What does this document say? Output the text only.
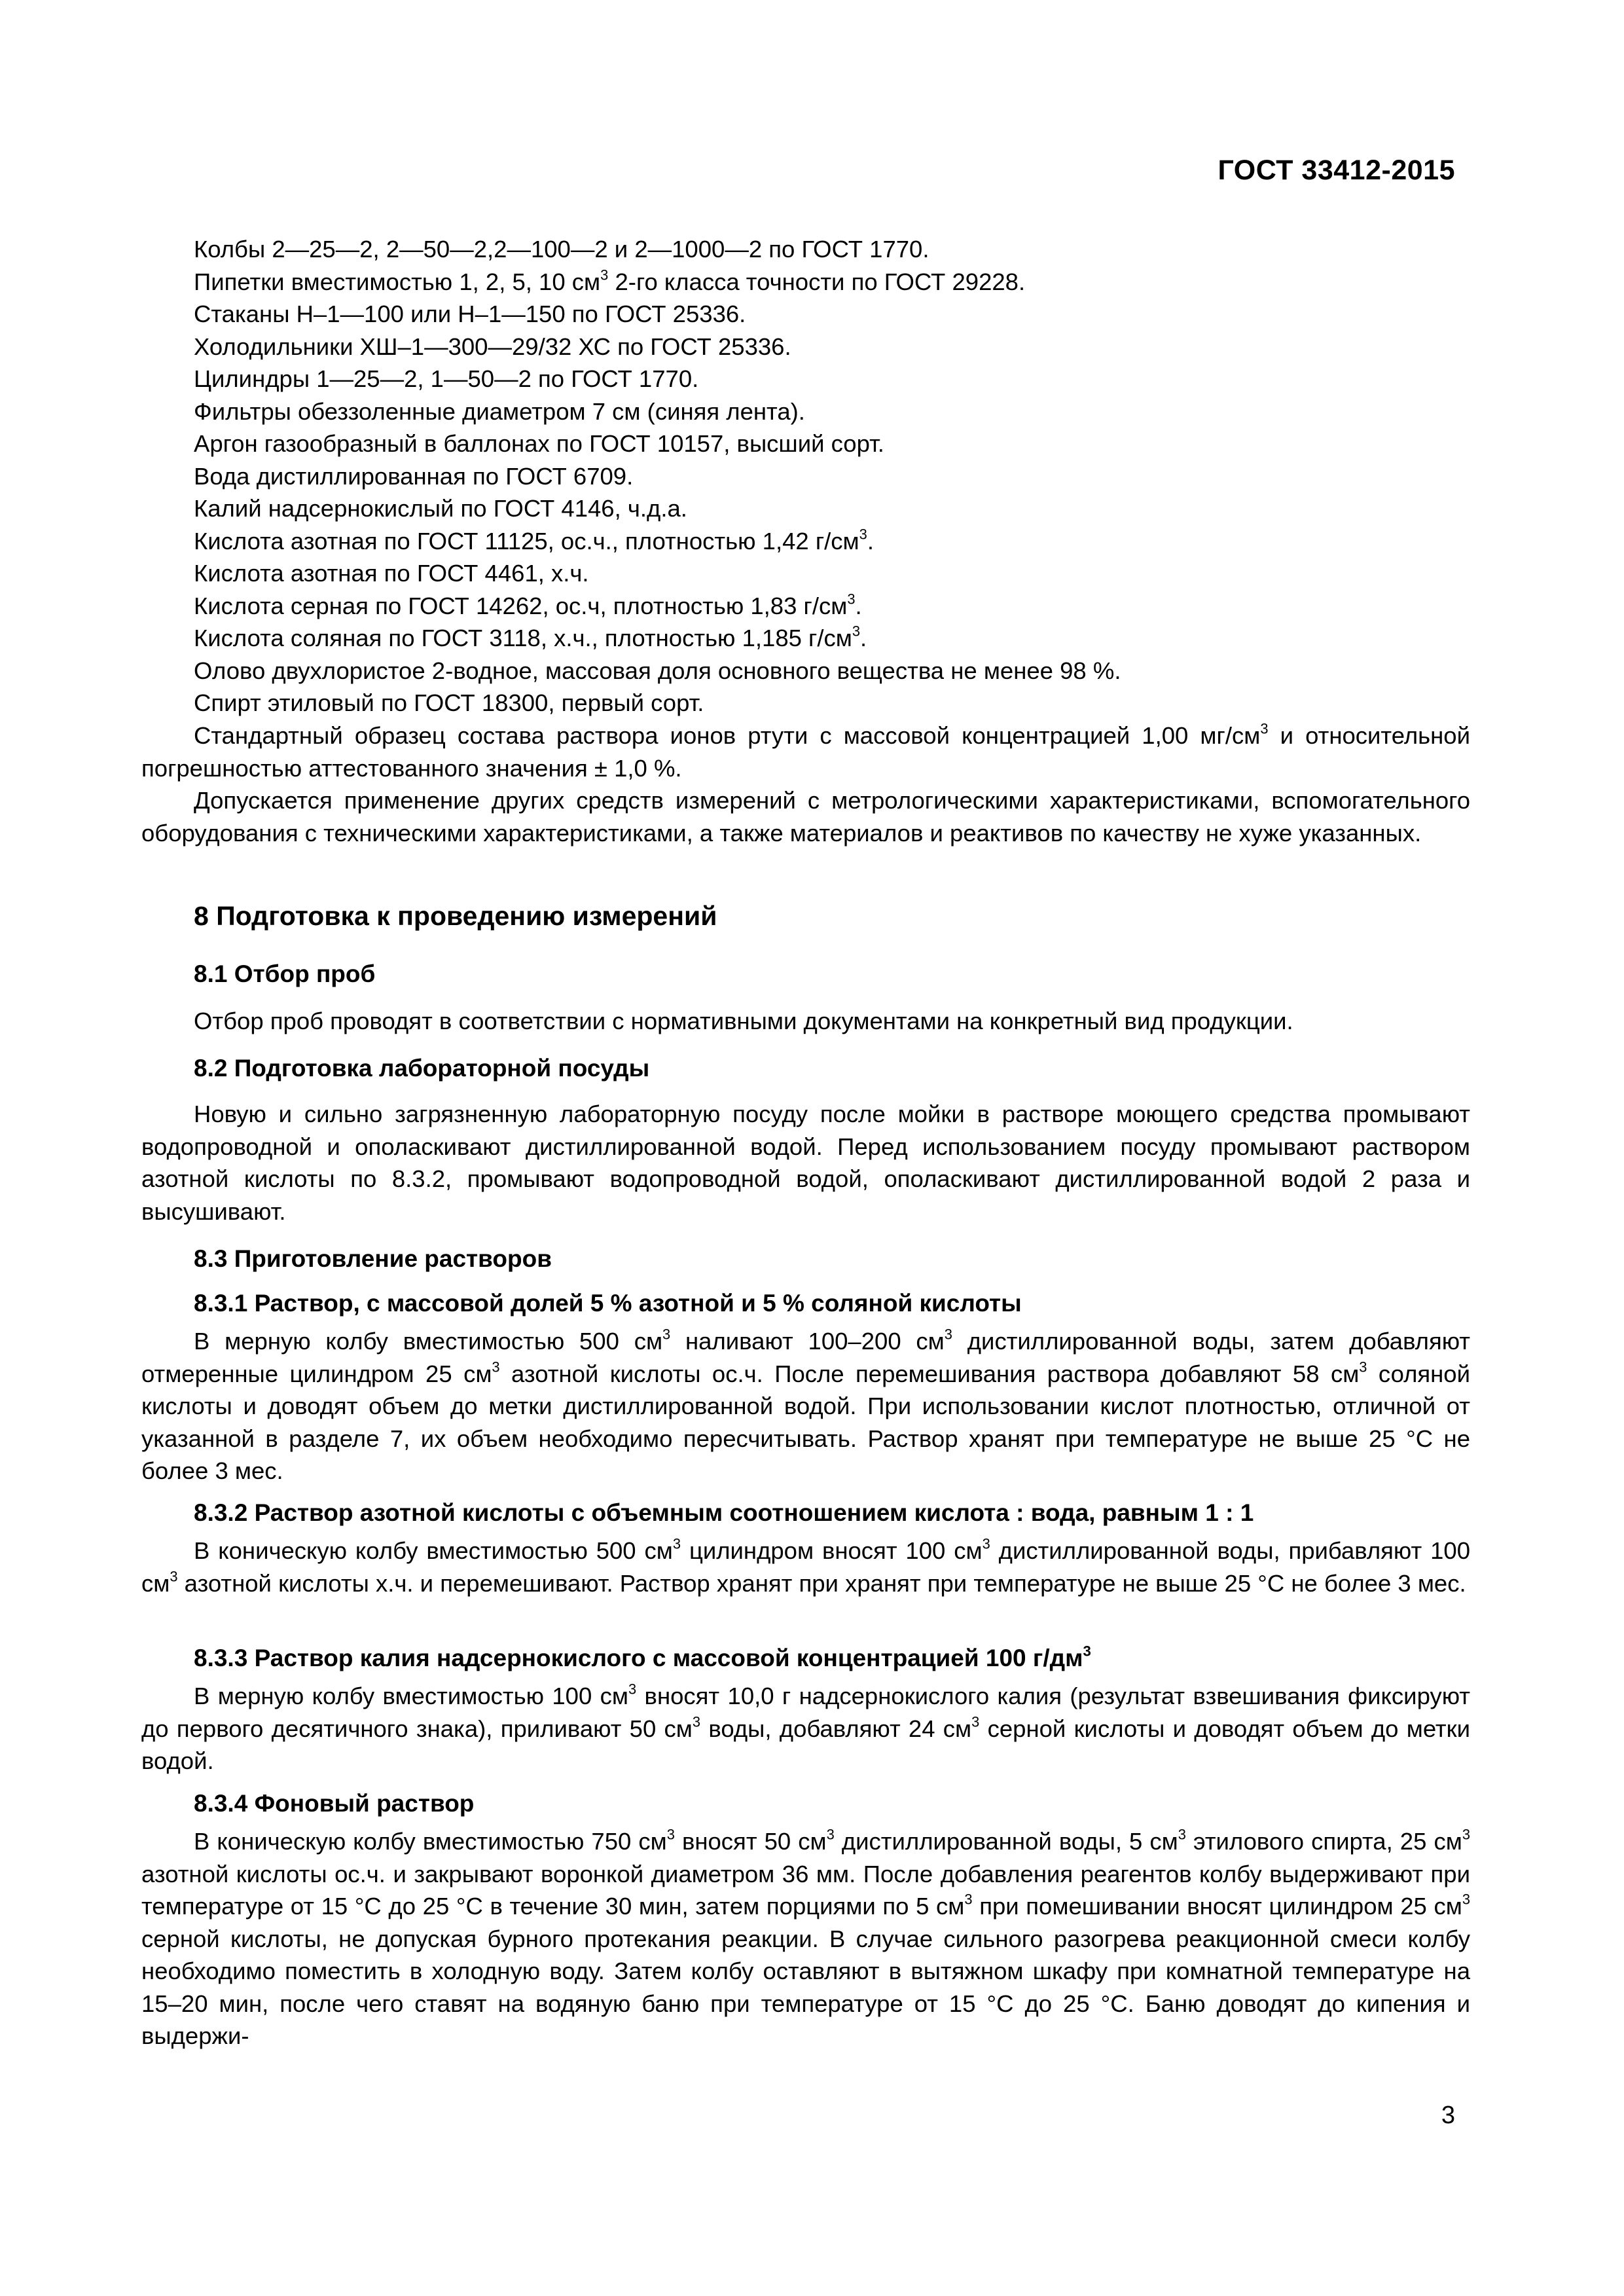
ГОСТ 33412-2015
Колбы 2—25—2, 2—50—2,2—100—2 и 2—1000—2 по ГОСТ 1770.
Пипетки вместимостью 1, 2, 5, 10 $см^3$ 2-го класса точности по ГОСТ 29228.
Стаканы Н–1—100 или Н–1—150 по ГОСТ 25336.
Холодильники ХШ–1—300—29/32 ХС по ГОСТ 25336.
Цилиндры 1—25—2, 1—50—2 по ГОСТ 1770.
Фильтры обеззоленные диаметром 7 см (синяя лента).
Аргон газообразный в баллонах по ГОСТ 10157, высший сорт.
Вода дистиллированная по ГОСТ 6709.
Калий надсернокислый по ГОСТ 4146, ч.д.а.
Кислота азотная по ГОСТ 11125, ос.ч., плотностью 1,42 $г/см^3$.
Кислота азотная по ГОСТ 4461, х.ч.
Кислота серная по ГОСТ 14262, ос.ч, плотностью 1,83 $г/см^3$.
Кислота соляная по ГОСТ 3118, х.ч., плотностью 1,185 $г/см^3$.
Олово двухлористое 2-водное, массовая доля основного вещества не менее 98 %.
Спирт этиловый по ГОСТ 18300, первый сорт.
Стандартный образец состава раствора ионов ртути с массовой концентрацией 1,00 $мг/см^3$ и относительной погрешностью аттестованного значения ± 1,0 %.
Допускается применение других средств измерений с метрологическими характеристиками, вспомогательного оборудования с техническими характеристиками, а также материалов и реактивов по качеству не хуже указанных.
8 Подготовка к проведению измерений
8.1 Отбор проб
Отбор проб проводят в соответствии с нормативными документами на конкретный вид продукции.
8.2 Подготовка лабораторной посуды
Новую и сильно загрязненную лабораторную посуду после мойки в растворе моющего средства промывают водопроводной и ополаскивают дистиллированной водой. Перед использованием посуду промывают раствором азотной кислоты по 8.3.2, промывают водопроводной водой, ополаскивают дистиллированной водой 2 раза и высушивают.
8.3 Приготовление растворов
8.3.1 Раствор, с массовой долей 5 % азотной и 5 % соляной кислоты
В мерную колбу вместимостью 500 $см^3$ наливают 100–200 $см^3$ дистиллированной воды, затем добавляют отмеренные цилиндром 25 $см^3$ азотной кислоты ос.ч. После перемешивания раствора добавляют 58 $см^3$ соляной кислоты и доводят объем до метки дистиллированной водой. При использовании кислот плотностью, отличной от указанной в разделе 7, их объем необходимо пересчитывать. Раствор хранят при температуре не выше 25 °С не более 3 мес.
8.3.2 Раствор азотной кислоты с объемным соотношением кислота : вода, равным 1 : 1
В коническую колбу вместимостью 500 $см^3$ цилиндром вносят 100 $см^3$ дистиллированной воды, прибавляют 100 $см^3$ азотной кислоты х.ч. и перемешивают. Раствор хранят при хранят при температуре не выше 25 °С не более 3 мес.
8.3.3 Раствор калия надсернокислого с массовой концентрацией 100 $г/дм^3$
В мерную колбу вместимостью 100 $см^3$ вносят 10,0 г надсернокислого калия (результат взвешивания фиксируют до первого десятичного знака), приливают 50 $см^3$ воды, добавляют 24 $см^3$ серной кислоты и доводят объем до метки водой.
8.3.4 Фоновый раствор
В коническую колбу вместимостью 750 $см^3$ вносят 50 $см^3$ дистиллированной воды, 5 $см^3$ этилового спирта, 25 $см^3$ азотной кислоты ос.ч. и закрывают воронкой диаметром 36 мм. После добавления реагентов колбу выдерживают при температуре от 15 °С до 25 °С в течение 30 мин, затем порциями по 5 $см^3$ при помешивании вносят цилиндром 25 $см^3$ серной кислоты, не допуская бурного протекания реакции. В случае сильного разогрева реакционной смеси колбу необходимо поместить в холодную воду. Затем колбу оставляют в вытяжном шкафу при комнатной температуре на 15–20 мин, после чего ставят на водяную баню при температуре от 15 °С до 25 °С. Баню доводят до кипения и выдержи-
3
